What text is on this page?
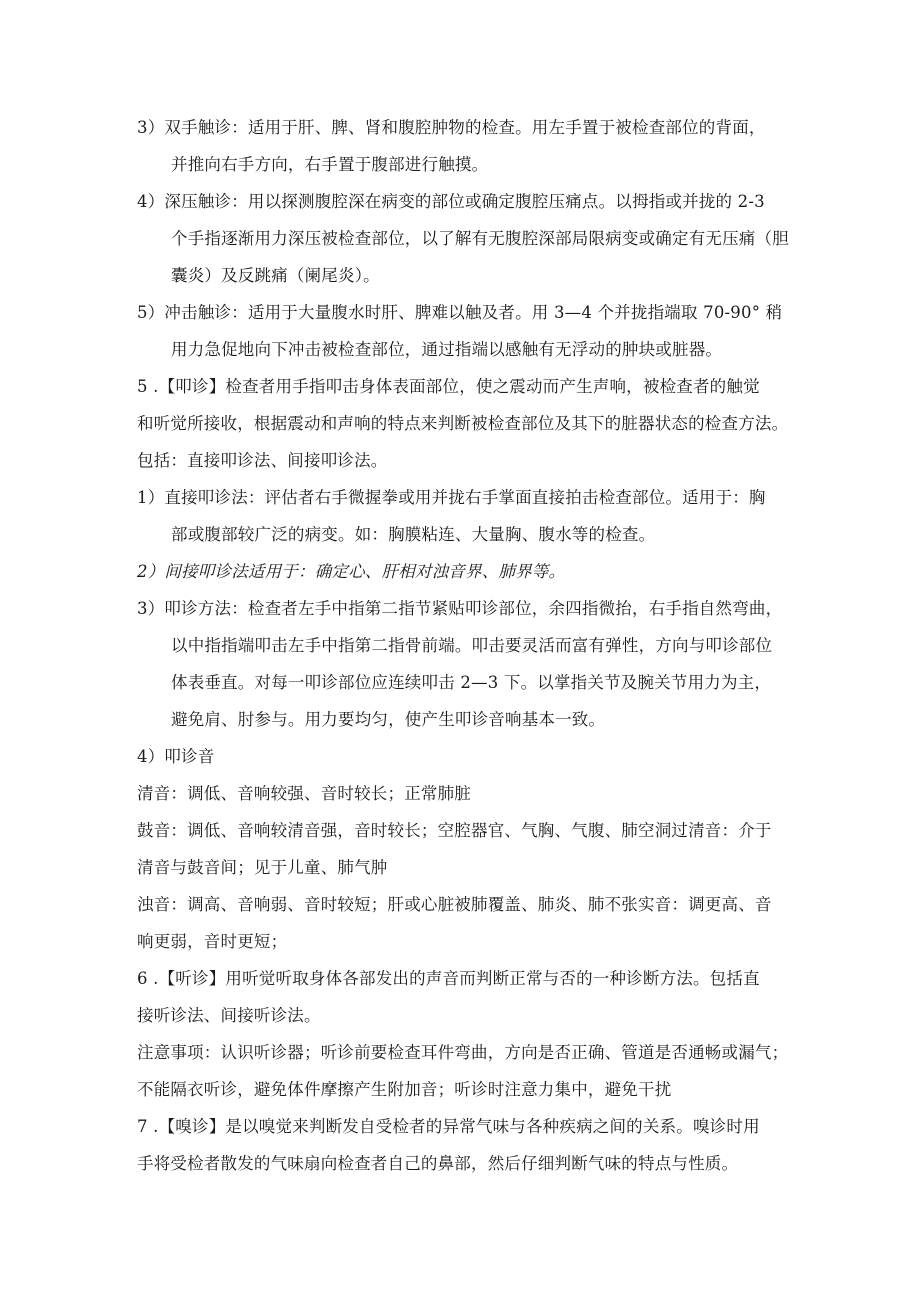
3）双手触诊：适用于肝、脾、肾和腹腔肿物的检查。用左手置于被检查部位的背面，
并推向右手方向，右手置于腹部进行触摸。
4）深压触诊：用以探测腹腔深在病变的部位或确定腹腔压痛点。以拇指或并拢的 2-3
个手指逐渐用力深压被检查部位，以了解有无腹腔深部局限病变或确定有无压痛（胆
囊炎）及反跳痛（阑尾炎）。
5）冲击触诊：适用于大量腹水时肝、脾难以触及者。用 3—4 个并拢指端取 70-90° 稍
用力急促地向下冲击被检查部位，通过指端以感触有无浮动的肿块或脏器。
5 .【叩诊】检查者用手指叩击身体表面部位，使之震动而产生声响，被检查者的触觉
和听觉所接收，根据震动和声响的特点来判断被检查部位及其下的脏器状态的检查方法。
包括：直接叩诊法、间接叩诊法。
1）直接叩诊法：评估者右手微握拳或用并拢右手掌面直接拍击检查部位。适用于：胸
部或腹部较广泛的病变。如：胸膜粘连、大量胸、腹水等的检查。
2）间接叩诊法适用于：确定心、肝相对浊音界、肺界等。
3）叩诊方法：检查者左手中指第二指节紧贴叩诊部位，余四指微抬，右手指自然弯曲，
以中指指端叩击左手中指第二指骨前端。叩击要灵活而富有弹性，方向与叩诊部位
体表垂直。对每一叩诊部位应连续叩击 2—3 下。以掌指关节及腕关节用力为主，
避免肩、肘参与。用力要均匀，使产生叩诊音响基本一致。
4）叩诊音
清音：调低、音响较强、音时较长；正常肺脏
鼓音：调低、音响较清音强，音时较长；空腔器官、气胸、气腹、肺空洞过清音：介于
清音与鼓音间；见于儿童、肺气肿
浊音：调高、音响弱、音时较短；肝或心脏被肺覆盖、肺炎、肺不张实音：调更高、音
响更弱，音时更短；
6 .【听诊】用听觉听取身体各部发出的声音而判断正常与否的一种诊断方法。包括直
接听诊法、间接听诊法。
注意事项：认识听诊器；听诊前要检查耳件弯曲，方向是否正确、管道是否通畅或漏气；
不能隔衣听诊，避免体件摩擦产生附加音；听诊时注意力集中，避免干扰
7 .【嗅诊】是以嗅觉来判断发自受检者的异常气味与各种疾病之间的关系。嗅诊时用
手将受检者散发的气味扇向检查者自己的鼻部，然后仔细判断气味的特点与性质。
